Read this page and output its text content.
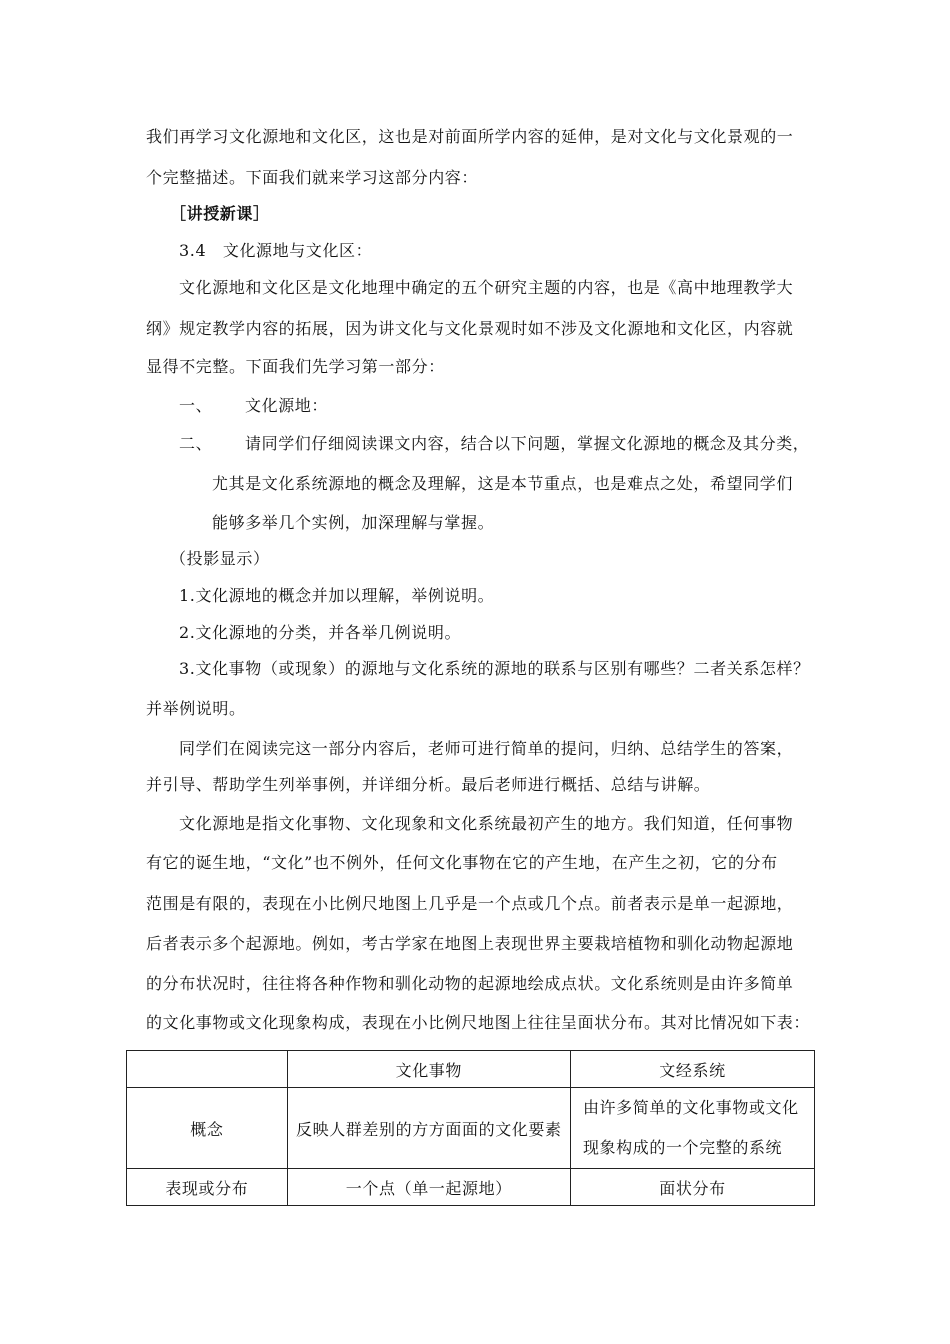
我们再学习文化源地和文化区，这也是对前面所学内容的延伸，是对文化与文化景观的一
个完整描述。下面我们就来学习这部分内容：
［讲授新课］
3.4　文化源地与文化区：
文化源地和文化区是文化地理中确定的五个研究主题的内容，也是《高中地理教学大
纲》规定教学内容的拓展，因为讲文化与文化景观时如不涉及文化源地和文化区，内容就
显得不完整。下面我们先学习第一部分：
一、 文化源地：
二、 请同学们仔细阅读课文内容，结合以下问题，掌握文化源地的概念及其分类，
尤其是文化系统源地的概念及理解，这是本节重点，也是难点之处，希望同学们
能够多举几个实例，加深理解与掌握。
（投影显示）
1.文化源地的概念并加以理解，举例说明。
2.文化源地的分类，并各举几例说明。
3.文化事物（或现象）的源地与文化系统的源地的联系与区别有哪些？二者关系怎样？
并举例说明。
同学们在阅读完这一部分内容后，老师可进行简单的提问，归纳、总结学生的答案，
并引导、帮助学生列举事例，并详细分析。最后老师进行概括、总结与讲解。
文化源地是指文化事物、文化现象和文化系统最初产生的地方。我们知道，任何事物
有它的诞生地，“文化”也不例外，任何文化事物在它的产生地，在产生之初，它的分布
范围是有限的，表现在小比例尺地图上几乎是一个点或几个点。前者表示是单一起源地，
后者表示多个起源地。例如，考古学家在地图上表现世界主要栽培植物和驯化动物起源地
的分布状况时，往往将各种作物和驯化动物的起源地绘成点状。文化系统则是由许多简单
的文化事物或文化现象构成，表现在小比例尺地图上往往呈面状分布。其对比情况如下表：
	文化事物	文经系统
概念	反映人群差别的方方面面的文化要素	由许多简单的文化事物或文化
现象构成的一个完整的系统

表现或分布	一个点（单一起源地）	面状分布
